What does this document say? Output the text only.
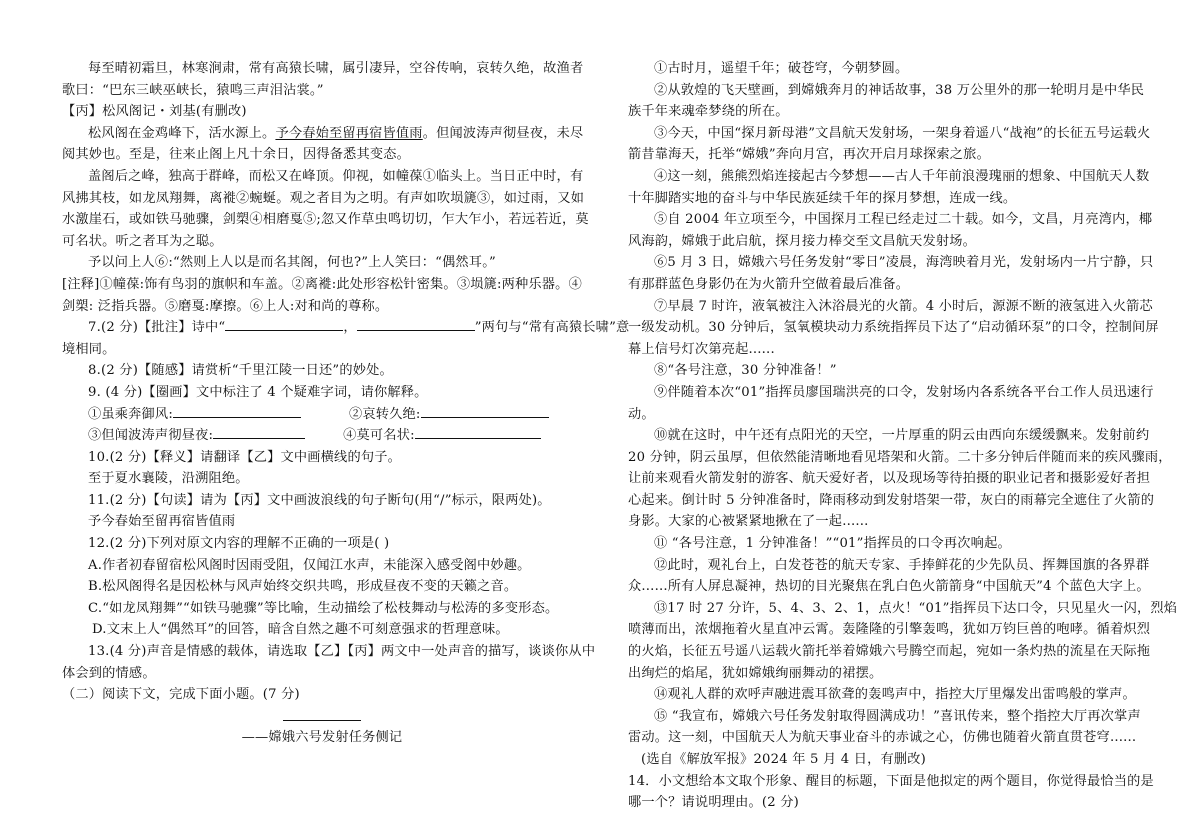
每至晴初霜旦，林寒涧肃，常有高猿长啸，属引凄异，空谷传响，哀转久绝，故渔者
歌曰：“巴东三峡巫峡长，猿鸣三声泪沾裳。”
【丙】松风阁记・刘基(有删改)
松风阁在金鸡峰下，活水源上。予今春始至留再宿皆值雨。但闻波涛声彻昼夜，未尽
阅其妙也。至是，往来止阁上凡十余日，因得备悉其变态。
盖阁后之峰，独高于群峰，而松又在峰顶。仰视，如幢葆①临头上。当日正中时，有
风拂其枝，如龙凤翔舞，离褷②蜿蜒。观之者目为之明。有声如吹埙篪③，如过雨，又如
水激崖石，或如铁马驰骤，剑槊④相磨戛⑤;忽又作草虫鸣切切，乍大乍小，若远若近，莫
可名状。听之者耳为之聪。
予以问上人⑥:“然则上人以是而名其阁，何也?”上人笑曰：“偶然耳。”
[注释]①幢葆:饰有鸟羽的旗帜和车盖。②离褷:此处形容松针密集。③埙篪:两种乐器。④
剑槊: 泛指兵器。⑤磨戛:摩擦。⑥上人:对和尚的尊称。
7.(2 分)【批注】诗中“	，	”两句与“常有高猿长啸”意
境相同。
8.(2 分)【随感】请赏析“千里江陵一日还”的妙处。
9. (4 分)【圈画】文中标注了 4 个疑难字词，请你解释。
①虽乘奔御风:	②哀转久绝:
③但闻波涛声彻昼夜:	④莫可名状:
10.(2 分)【释义】请翻译【乙】文中画横线的句子。
至于夏水襄陵，沿溯阻绝。
11.(2 分)【句读】请为【丙】文中画波浪线的句子断句(用“/”标示，限两处)。
予今春始至留再宿皆值雨
12.(2 分)下列对原文内容的理解不正确的一项是( )
A.作者初春留宿松风阁时因雨受阻，仅闻江水声，未能深入感受阁中妙趣。
B.松风阁得名是因松林与风声始终交织共鸣，形成昼夜不变的天籁之音。
C.“如龙凤翔舞”“如铁马驰骤”等比喻，生动描绘了松枝舞动与松涛的多变形态。
D.文末上人“偶然耳”的回答，暗含自然之趣不可刻意强求的哲理意味。
13.(4 分)声音是情感的载体，请选取【乙】【丙】两文中一处声音的描写，谈谈你从中
体会到的情感。
（二）阅读下文，完成下面小题。(7 分)
——嫦娥六号发射任务侧记
①古时月，遥望千年；破苍穹，今朝梦圆。
②从敦煌的飞天壁画，到嫦娥奔月的神话故事，38 万公里外的那一轮明月是中华民
族千年来魂牵梦绕的所在。
③今天，中国“探月新母港”文昌航天发射场，一架身着遥八“战袍”的长征五号运载火
箭昔靠海天，托举“嫦娥”奔向月宫，再次开启月球探索之旅。
④这一刻，熊熊烈焰连接起古今梦想——古人千年前浪漫瑰丽的想象、中国航天人数
十年脚踏实地的奋斗与中华民族延续千年的探月梦想，连成一线。
⑤自 2004 年立项至今，中国探月工程已经走过二十载。如今，文昌，月亮湾内，椰
风海韵，嫦娥于此启航，探月接力棒交至文昌航天发射场。
⑥5 月 3 日，嫦娥六号任务发射“零日”凌晨，海湾映着月光，发射场内一片宁静，只
有那群蓝色身影仍在为火箭升空做着最后准备。
⑦早晨 7 时许，液氧被注入沐浴晨光的火箭。4 小时后，源源不断的液氢进入火箭芯
一级发动机。30 分钟后，氢氧模块动力系统指挥员下达了“启动循环泵”的口令，控制间屏
幕上信号灯次第亮起......
⑧“各号注意，30 分钟准备！”
⑨伴随着本次“01”指挥员廖国瑞洪亮的口令，发射场内各系统各平台工作人员迅速行
动。
⑩就在这时，中午还有点阳光的天空，一片厚重的阴云由西向东缓缓飘来。发射前约
20 分钟，阴云虽厚，但依然能清晰地看见塔架和火箭。二十多分钟后伴随而来的疾风骤雨，
让前来观看火箭发射的游客、航天爱好者，以及现场等待拍摄的职业记者和摄影爱好者担
心起来。倒计时 5 分钟准备时，降雨移动到发射塔架一带，灰白的雨幕完全遮住了火箭的
身影。大家的心被紧紧地揪在了一起......
⑪ “各号注意，1 分钟准备！”“01”指挥员的口令再次响起。
⑫此时，观礼台上，白发苍苍的航天专家、手捧鲜花的少先队员、挥舞国旗的各界群
众......所有人屏息凝神，热切的目光聚焦在乳白色火箭箭身“中国航天”4 个蓝色大字上。
⑬17 时 27 分许，5、4、3、2、1，点火！“01”指挥员下达口令，只见星火一闪，烈焰
喷薄而出，浓烟拖着火星直冲云霄。轰隆隆的引擎轰鸣，犹如万钧巨兽的咆哮。循着炽烈
的火焰，长征五号遥八运载火箭托举着嫦娥六号腾空而起，宛如一条灼热的流星在天际拖
出绚烂的焰尾，犹如嫦娥绚丽舞动的裙摆。
⑭观礼人群的欢呼声融进震耳欲聋的轰鸣声中，指控大厅里爆发出雷鸣般的掌声。
⑮ “我宣布，嫦娥六号任务发射取得圆满成功！”喜讯传来，整个指控大厅再次掌声
雷动。这一刻，中国航天人为航天事业奋斗的赤诚之心，仿佛也随着火箭直贯苍穹......
(选自《解放军报》2024 年 5 月 4 日，有删改)
14．小文想给本文取个形象、醒目的标题，下面是他拟定的两个题目，你觉得最恰当的是
哪一个？请说明理由。(2 分)
